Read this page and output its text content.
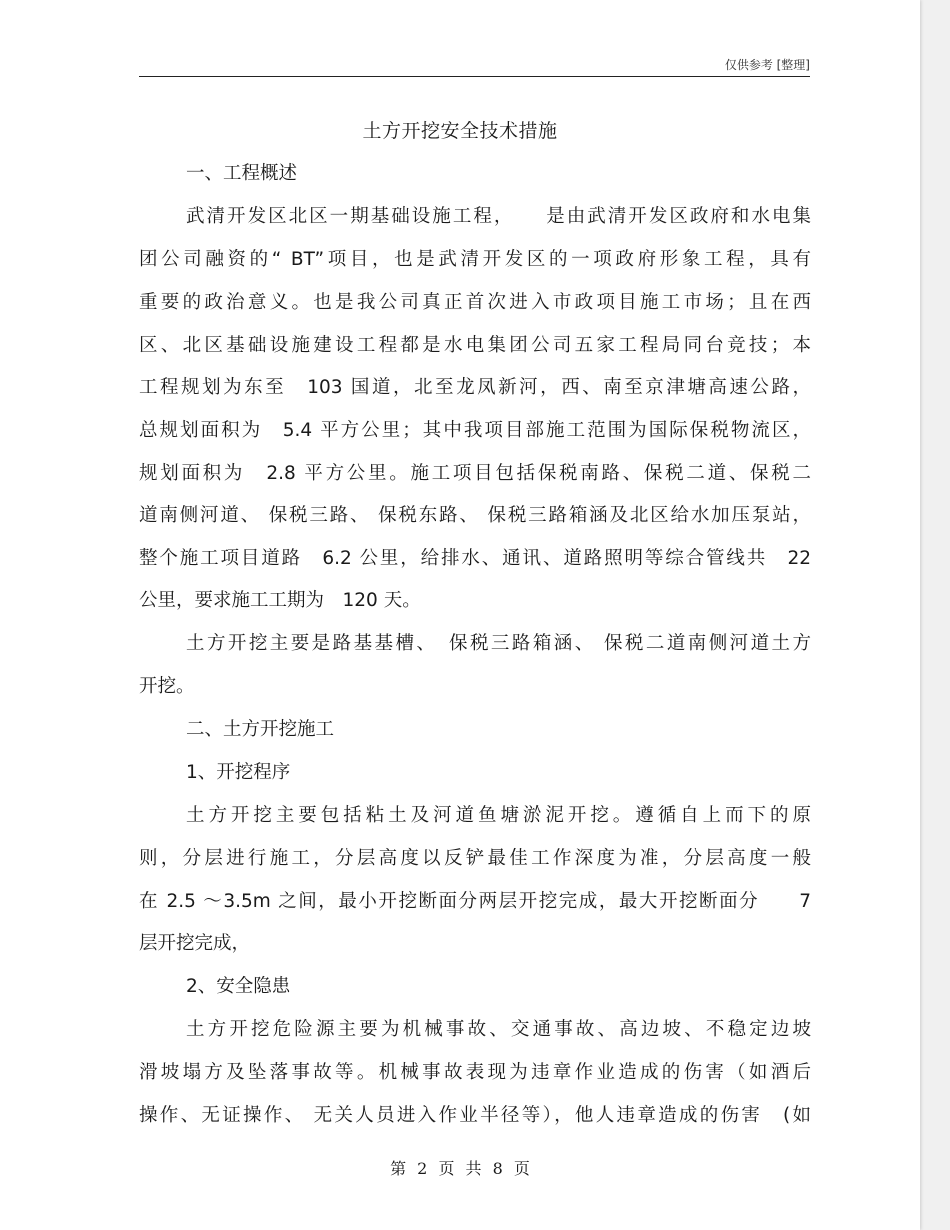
仅供参考 [整理]
土方开挖安全技术措施
一、工程概述
武清开发区北区一期基础设施工程，　　是由武清开发区政府和水电集
团公司融资的“ BT”项目，也是武清开发区的一项政府形象工程，具有
重要的政治意义。也是我公司真正首次进入市政项目施工市场；且在西
区、北区基础设施建设工程都是水电集团公司五家工程局同台竞技；本
工程规划为东至　103 国道，北至龙凤新河，西、南至京津塘高速公路，
总规划面积为　5.4 平方公里；其中我项目部施工范围为国际保税物流区，
规划面积为　2.8 平方公里。施工项目包括保税南路、保税二道、保税二
道南侧河道、 保税三路、 保税东路、 保税三路箱涵及北区给水加压泵站，
整个施工项目道路　6.2 公里，给排水、通讯、道路照明等综合管线共　22
公里，要求施工工期为　120 天。
土方开挖主要是路基基槽、　保税三路箱涵、 保税二道南侧河道土方
开挖。
二、土方开挖施工
1、开挖程序
土方开挖主要包括粘土及河道鱼塘淤泥开挖。遵循自上而下的原
则，分层进行施工，分层高度以反铲最佳工作深度为准，分层高度一般
在 2.5 ～3.5m 之间，最小开挖断面分两层开挖完成，最大开挖断面分　　7
层开挖完成，
2、安全隐患
土方开挖危险源主要为机械事故、交通事故、高边坡、不稳定边坡
滑坡塌方及坠落事故等。机械事故表现为违章作业造成的伤害（如酒后
操作、无证操作、 无关人员进入作业半径等），他人违章造成的伤害　(如
第 2 页 共 8 页
